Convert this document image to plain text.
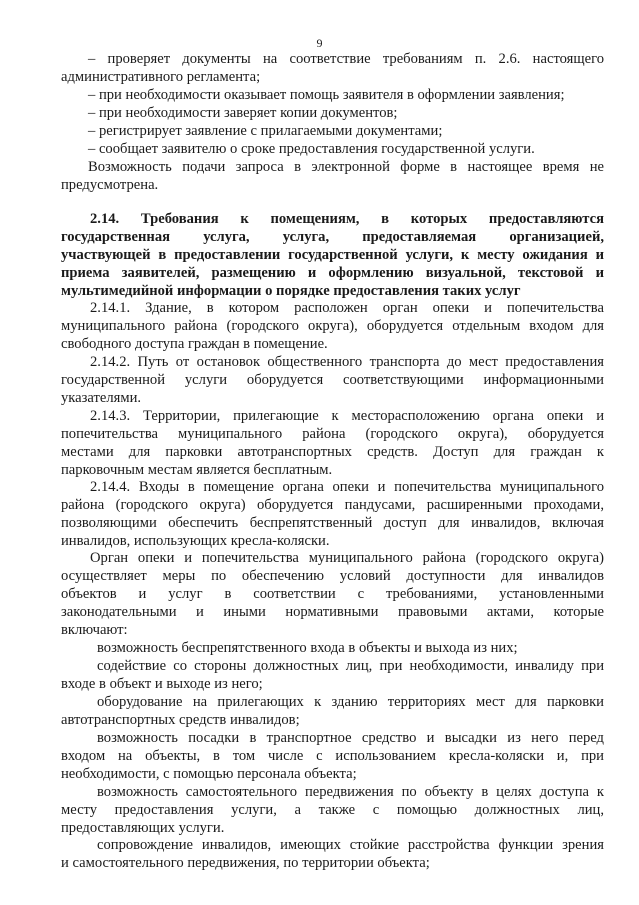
9

– проверяет документы на соответствие требованиям п. 2.6. настоящего

административного регламента;

– при необходимости оказывает помощь заявителя в оформлении заявления;

– при необходимости заверяет копии документов;

– регистрирует заявление с прилагаемыми документами;

– сообщает заявителю о сроке предоставления государственной услуги.

Возможность подачи запроса в электронной форме в настоящее время не

предусмотрена.

2.14. Требования к помещениям, в которых предоставляются

государственная услуга, услуга, предоставляемая организацией,

участвующей в предоставлении государственной услуги, к месту ожидания и

приема заявителей, размещению и оформлению визуальной, текстовой и

мультимедийной информации о порядке предоставления таких услуг

2.14.1. Здание, в котором расположен орган опеки и попечительства

муниципального района (городского округа), оборудуется отдельным входом для

свободного доступа граждан в помещение.

2.14.2. Путь от остановок общественного транспорта до мест предоставления

государственной услуги оборудуется соответствующими информационными

указателями.

2.14.3. Территории, прилегающие к месторасположению органа опеки и

попечительства муниципального района (городского округа), оборудуется

местами для парковки автотранспортных средств. Доступ для граждан к

парковочным местам является бесплатным.

2.14.4. Входы в помещение органа опеки и попечительства муниципального

района (городского округа) оборудуется пандусами, расширенными проходами,

позволяющими обеспечить беспрепятственный доступ для инвалидов, включая

инвалидов, использующих кресла-коляски.

Орган опеки и попечительства муниципального района (городского округа)

осуществляет меры по обеспечению условий доступности для инвалидов

объектов и услуг в соответствии с требованиями, установленными

законодательными и иными нормативными правовыми актами, которые

включают:

возможность беспрепятственного входа в объекты и выхода из них;

содействие со стороны должностных лиц, при необходимости, инвалиду при

входе в объект и выходе из него;

оборудование на прилегающих к зданию территориях мест для парковки

автотранспортных средств инвалидов;

возможность посадки в транспортное средство и высадки из него перед

входом на объекты, в том числе с использованием кресла-коляски и, при

необходимости, с помощью персонала объекта;

возможность самостоятельного передвижения по объекту в целях доступа к

месту предоставления услуги, а также с помощью должностных лиц,

предоставляющих услуги.

сопровождение инвалидов, имеющих стойкие расстройства функции зрения

и самостоятельного передвижения, по территории объекта;
